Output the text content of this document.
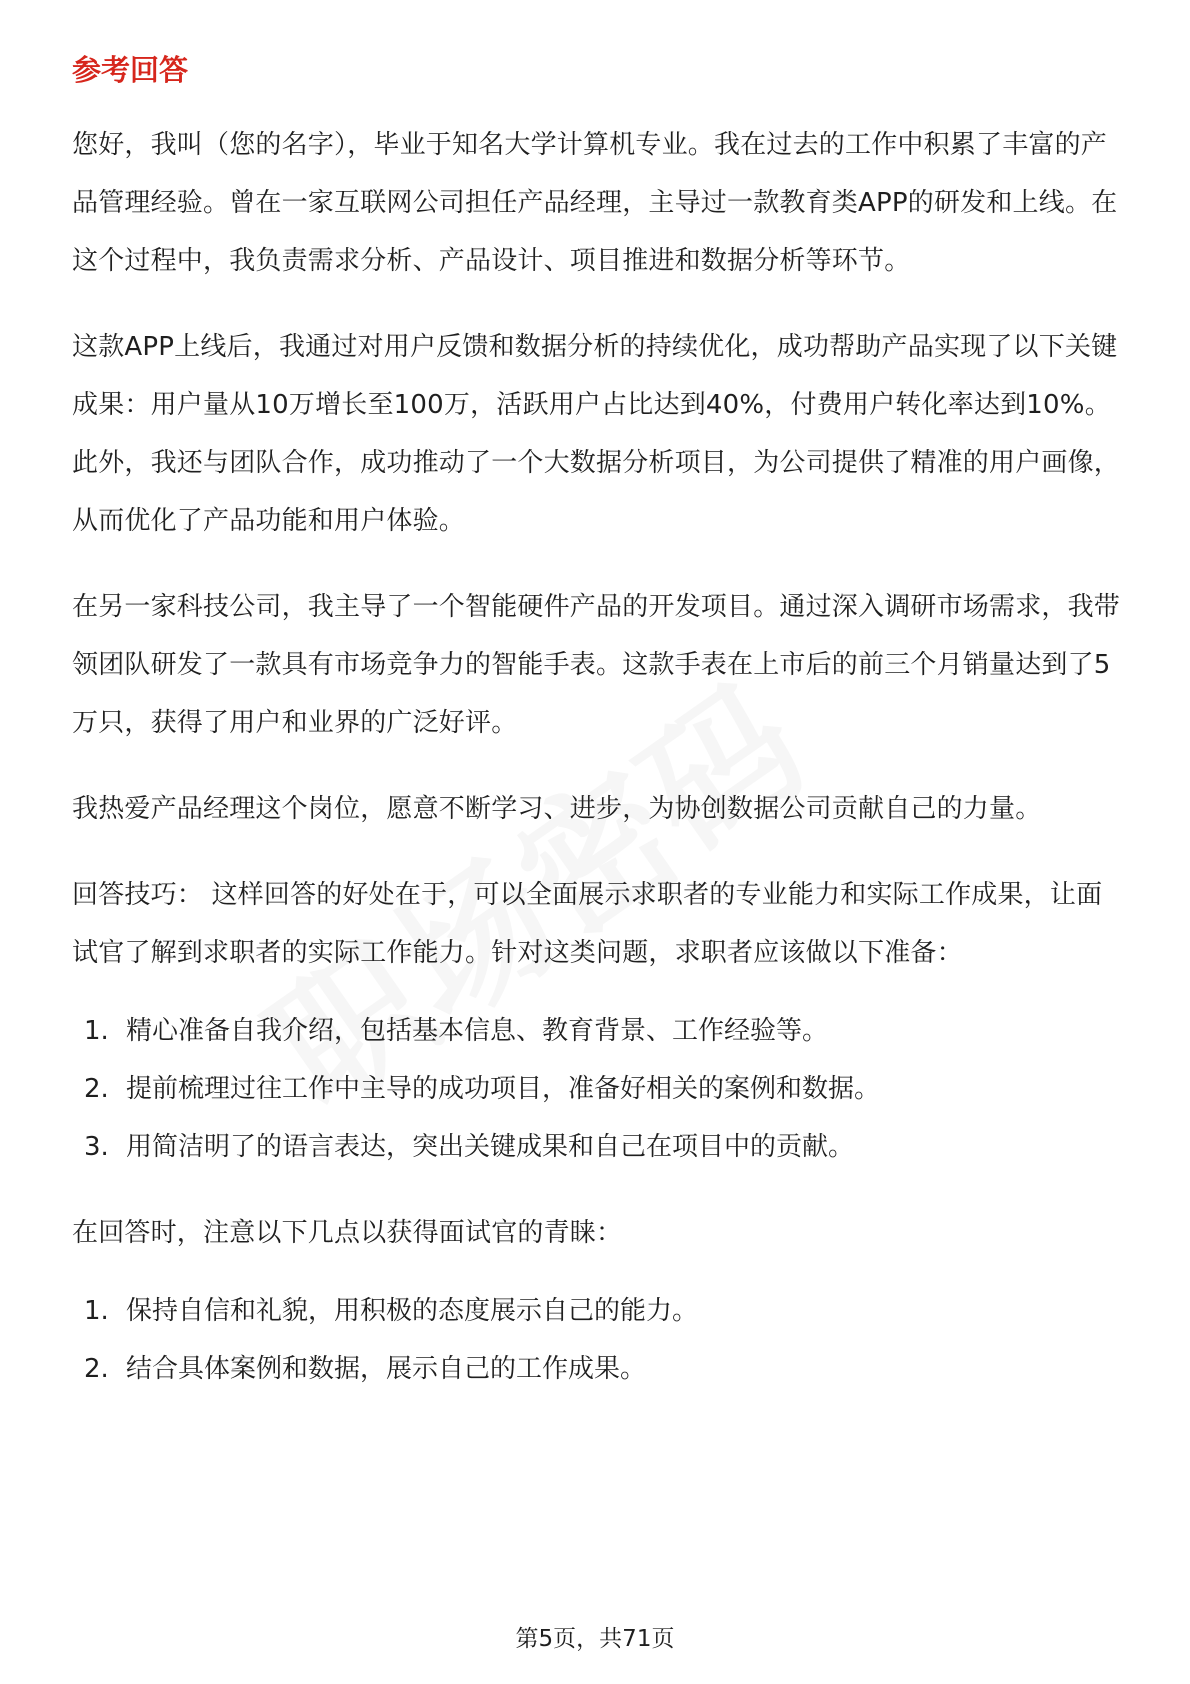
参考回答

您好，我叫（您的名字），毕业于知名大学计算机专业。我在过去的工作中积累了丰富的产品管理经验。曾在一家互联网公司担任产品经理，主导过一款教育类APP的研发和上线。在这个过程中，我负责需求分析、产品设计、项目推进和数据分析等环节。

这款APP上线后，我通过对用户反馈和数据分析的持续优化，成功帮助产品实现了以下关键成果：用户量从10万增长至100万，活跃用户占比达到40%，付费用户转化率达到10%。此外，我还与团队合作，成功推动了一个大数据分析项目，为公司提供了精准的用户画像，从而优化了产品功能和用户体验。

在另一家科技公司，我主导了一个智能硬件产品的开发项目。通过深入调研市场需求，我带领团队研发了一款具有市场竞争力的智能手表。这款手表在上市后的前三个月销量达到了5万只，获得了用户和业界的广泛好评。

我热爱产品经理这个岗位，愿意不断学习、进步，为协创数据公司贡献自己的力量。

回答技巧： 这样回答的好处在于，可以全面展示求职者的专业能力和实际工作成果，让面试官了解到求职者的实际工作能力。针对这类问题，求职者应该做以下准备：

1. 精心准备自我介绍，包括基本信息、教育背景、工作经验等。
2. 提前梳理过往工作中主导的成功项目，准备好相关的案例和数据。
3. 用简洁明了的语言表达，突出关键成果和自己在项目中的贡献。

在回答时，注意以下几点以获得面试官的青睐：

1. 保持自信和礼貌，用积极的态度展示自己的能力。
2. 结合具体案例和数据，展示自己的工作成果。
第5页，共71页
